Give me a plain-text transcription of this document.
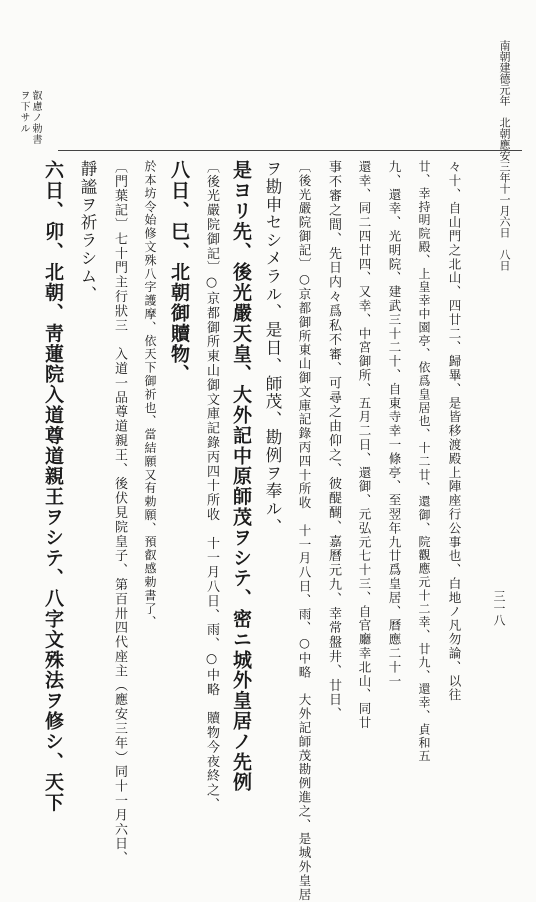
南朝建德元年　北朝應安三年十一月六日　八日
三一八
叡慮ノ勅書
ヲ下サル
六日、卯、北朝、靑蓮院入道尊道親王ヲシテ、八字文殊法ヲ修シ、天下 靜謐ヲ祈ラシム、 〔門葉記〕七十門主行狀三　入道一品尊道親王、後伏見院皇子、第百卅四代座主（應安三年）同十一月六日、 於本坊令始修文殊八字護摩、依天下御祈也、當結願又有勅願、預叡感勅書了、 八日、巳、北朝御贖物、 〔後光嚴院御記〕○京都御所東山御文庫記錄丙四十所收　十一月八日、雨、○中略　贖物今夜終之、 是ヨリ先、後光嚴天皇、大外記中原師茂ヲシテ、密ニ城外皇居ノ先例 ヲ勘申セシメラル、是日、師茂、勘例ヲ奉ル、 〔後光嚴院御記〕○京都御所東山御文庫記錄丙四十所收　十一月八日、雨、○中略　大外記師茂勘例進之、是城外皇居 事不審之間、先日内々爲私不審、可尋之由仰之、彼醍醐、嘉曆元九、幸常盤井、廿日、 還幸、同二四廿四、又幸、中宮御所、五月二日、還御、元弘元七十三、自官廳幸北山、同廿 九、還幸、光明院、建武三十二十、自東寺幸一條亭、至翌年九廿爲皇居、曆應二十一 廿、幸持明院殿、上皇幸中園亭、依爲皇居也、十二廿、還御、院觀應元十二幸、廿九、還幸、貞和五 々十、自山門之北山、四廿二、歸畢、是皆移渡殿上陣座行公事也、白地ノ凡勿論、以往
